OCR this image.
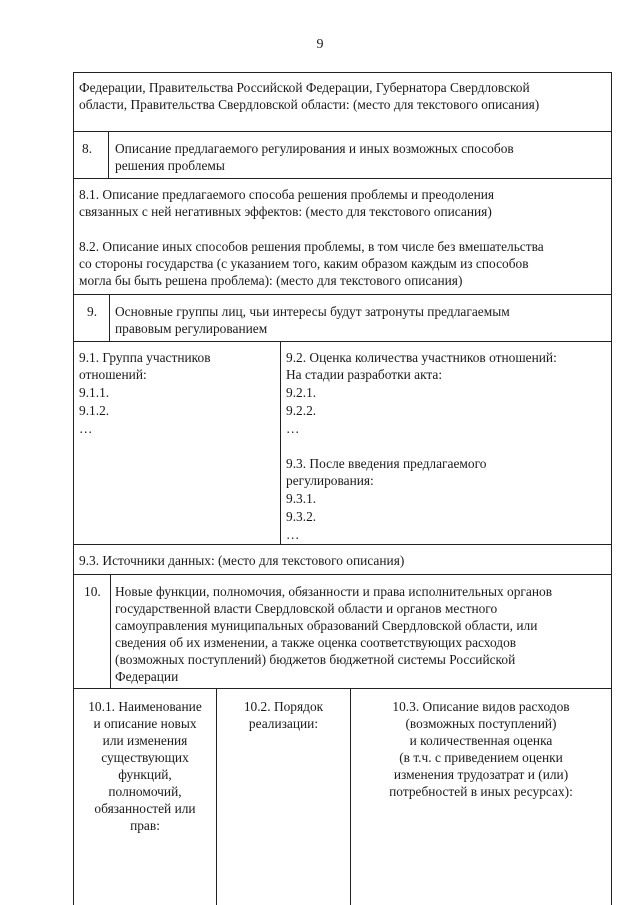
9
Федерации, Правительства Российской Федерации, Губернатора Свердловской
области, Правительства Свердловской области: (место для текстового описания)
8. Описание предлагаемого регулирования и иных возможных способов
решения проблемы
8.1. Описание предлагаемого способа решения проблемы и преодоления
связанных с ней негативных эффектов: (место для текстового описания)
8.2. Описание иных способов решения проблемы, в том числе без вмешательства
со стороны государства (с указанием того, каким образом каждым из способов
могла бы быть решена проблема): (место для текстового описания)
9. Основные группы лиц, чьи интересы будут затронуты предлагаемым
правовым регулированием
9.1. Группа участников
отношений:
9.1.1.
9.1.2.
…
9.2. Оценка количества участников отношений:
На стадии разработки акта:
9.2.1.
9.2.2.
…
9.3. После введения предлагаемого
регулирования:
9.3.1.
9.3.2.
…
9.3. Источники данных: (место для текстового описания)
10. Новые функции, полномочия, обязанности и права исполнительных органов
государственной власти Свердловской области и органов местного
самоуправления муниципальных образований Свердловской области, или
сведения об их изменении, а также оценка соответствующих расходов
(возможных поступлений) бюджетов бюджетной системы Российской
Федерации
10.1. Наименование
и описание новых
или изменения
существующих
функций,
полномочий,
обязанностей или
прав:
10.2. Порядок
реализации:
10.3. Описание видов расходов
(возможных поступлений)
и количественная оценка
(в т.ч. с приведением оценки
изменения трудозатрат и (или)
потребностей в иных ресурсах):
